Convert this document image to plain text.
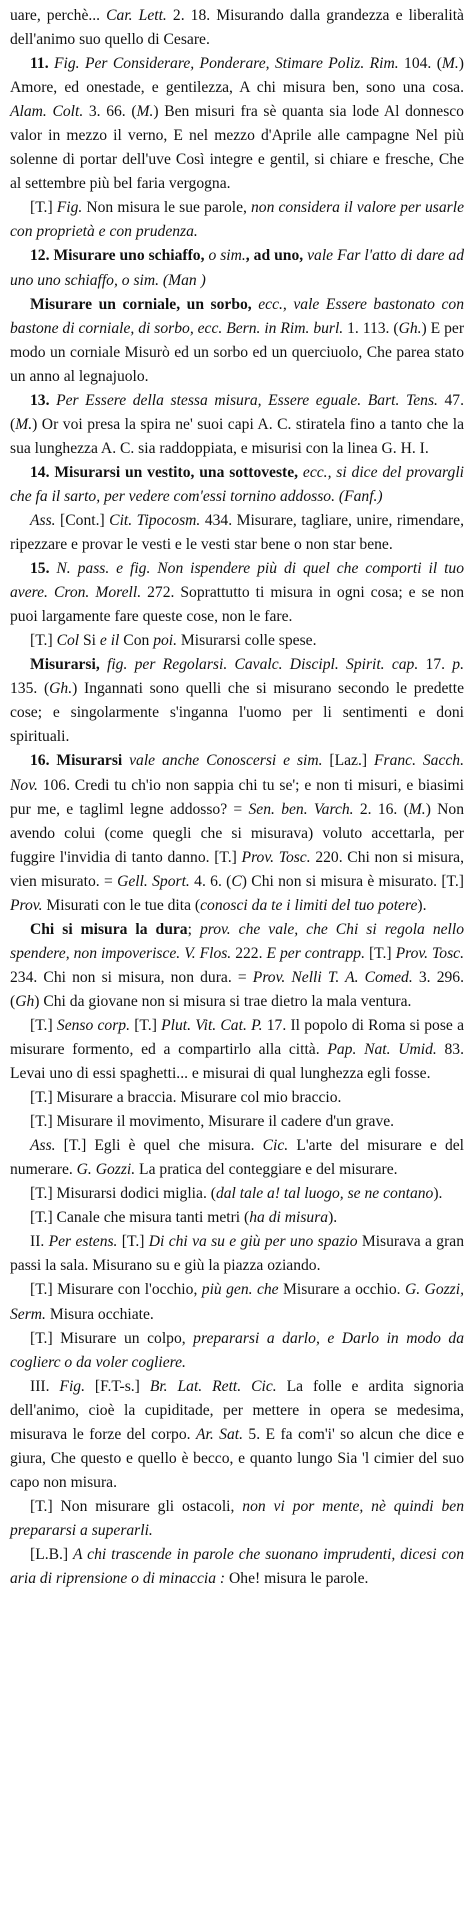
uare, perchè... Car. Lett. 2. 18. Misurando dalla grandezza e liberalità dell'animo suo quello di Cesare.

11. Fig. Per Considerare, Ponderare, Stimare Poliz. Rim. 104. (M.) Amore, ed onestade, e gentilezza, A chi misura ben, sono una cosa. Alam. Colt. 3. 66. (M.) Ben misuri fra sè quanta sia lode Al donnesco valor in mezzo il verno, E nel mezzo d'Aprile alle campagne Nel più solenne di portar dell'uve Così integre e gentil, si chiare e fresche, Che al settembre più bel faria vergogna.

[T.] Fig. Non misura le sue parole, non considera il valore per usarle con proprietà e con prudenza.

12. Misurare uno schiaffo, o sim., ad uno, vale Far l'atto di dare ad uno uno schiaffo, o sim. (Man )

Misurare un corniale, un sorbo, ecc., vale Essere bastonato con bastone di corniale, di sorbo, ecc. Bern. in Rim. burl. 1. 113. (Gh.) E per modo un corniale Misurò ed un sorbo ed un querciuolo, Che parea stato un anno al legnajuolo.

13. Per Essere della stessa misura, Essere eguale. Bart. Tens. 47. (M.) Or voi presa la spira ne' suoi capi A. C. stiratela fino a tanto che la sua lunghezza A. C. sia raddoppiata, e misurisi con la linea G. H. I.

14. Misurarsi un vestito, una sottoveste, ecc., si dice del provargli che fa il sarto, per vedere com'essi tornino addosso. (Fanf.)

Ass. [Cont.] Cit. Tipocosm. 434. Misurare, tagliare, unire, rimendare, ripezzare e provar le vesti e le vesti star bene o non star bene.

15. N. pass. e fig. Non ispendere più di quel che comporti il tuo avere. Cron. Morell. 272. Soprattutto ti misura in ogni cosa; e se non puoi largamente fare queste cose, non le fare.

[T.] Col Si e il Con poi. Misurarsi colle spese.

Misurarsi, fig. per Regolarsi. Cavalc. Discipl. Spirit. cap. 17. p. 135. (Gh.) Ingannati sono quelli che si misurano secondo le predette cose; e singolarmente s'inganna l'uomo per li sentimenti e doni spirituali.

16. Misurarsi vale anche Conoscersi e sim. [Laz.] Franc. Sacch. Nov. 106. Credi tu ch'io non sappia chi tu se'; e non ti misuri, e biasimi pur me, e tagliml legne addosso? = Sen. ben. Varch. 2. 16. (M.) Non avendo colui (come quegli che si misurava) voluto accettarla, per fuggire l'invidia di tanto danno. [T.] Prov. Tosc. 220. Chi non si misura, vien misurato. = Gell. Sport. 4. 6. (C) Chi non si misura è misurato. [T.] Prov. Misurati con le tue dita (conosci da te i limiti del tuo potere).

Chi si misura la dura; prov. che vale, che Chi si regola nello spendere, non impoverisce. V. Flos. 222. E per contrapp. [T.] Prov. Tosc. 234. Chi non si misura, non dura. = Prov. Nelli T. A. Comed. 3. 296. (Gh) Chi da giovane non si misura si trae dietro la mala ventura.

[T.] Senso corp. [T.] Plut. Vit. Cat. P. 17. Il popolo di Roma si pose a misurare formento, ed a compartirlo alla città. Pap. Nat. Umid. 83. Levai uno di essi spaghetti... e misurai di qual lunghezza egli fosse.

[T.] Misurare a braccia. Misurare col mio braccio.

[T.] Misurare il movimento, Misurare il cadere d'un grave.

Ass. [T.] Egli è quel che misura. Cic. L'arte del misurare e del numerare. G. Gozzi. La pratica del conteggiare e del misurare.

[T.] Misurarsi dodici miglia. (dal tale a! tal luogo, se ne contano).

[T.] Canale che misura tanti metri (ha di misura).

II. Per estens. [T.] Di chi va su e giù per uno spazio Misurava a gran passi la sala. Misurano su e giù la piazza oziando.

[T.] Misurare con l'occhio, più gen. che Misurare a occhio. G. Gozzi, Serm. Misura occhiate.

[T.] Misurare un colpo, prepararsi a darlo, e Darlo in modo da coglierc o da voler cogliere.

III. Fig. [F.T-s.] Br. Lat. Rett. Cic. La folle e ardita signoria dell'animo, cioè la cupiditade, per mettere in opera se medesima, misurava le forze del corpo. Ar. Sat. 5. E fa com'i' so alcun che dice e giura, Che questo e quello è becco, e quanto lungo Sia 'l cimier del suo capo non misura.

[T.] Non misurare gli ostacoli, non vi por mente, nè quindi ben prepararsi a superarli.

[L.B.] A chi trascende in parole che suonano imprudenti, dicesi con aria di riprensione o di minaccia : Ohe! misura le parole.
